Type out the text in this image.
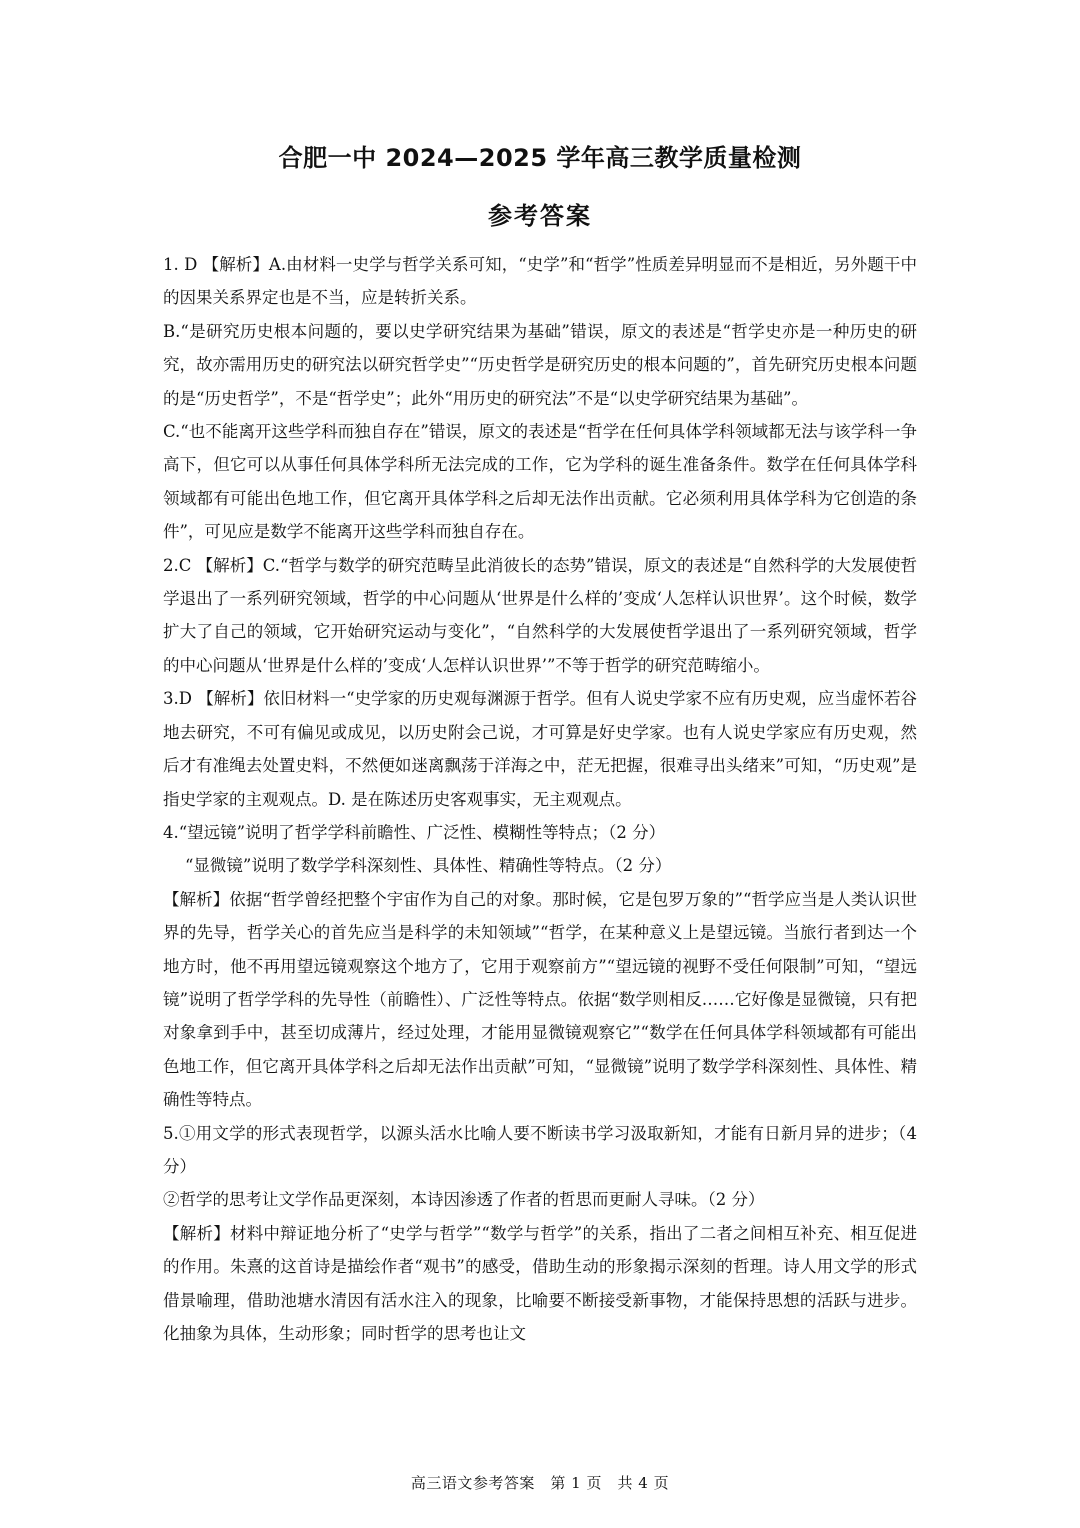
合肥一中 2024—2025 学年高三教学质量检测
参考答案

1. D 【解析】A.由材料一史学与哲学关系可知，“史学”和“哲学”性质差异明显而不是相近，另外题干中的因果关系界定也是不当，应是转折关系。

B.“是研究历史根本问题的，要以史学研究结果为基础”错误，原文的表述是“哲学史亦是一种历史的研究，故亦需用历史的研究法以研究哲学史”“历史哲学是研究历史的根本问题的”，首先研究历史根本问题的是“历史哲学”，不是“哲学史”；此外“用历史的研究法”不是“以史学研究结果为基础”。

C.“也不能离开这些学科而独自存在”错误，原文的表述是“哲学在任何具体学科领域都无法与该学科一争高下，但它可以从事任何具体学科所无法完成的工作，它为学科的诞生准备条件。数学在任何具体学科领域都有可能出色地工作，但它离开具体学科之后却无法作出贡献。它必须利用具体学科为它创造的条件”，可见应是数学不能离开这些学科而独自存在。

2.C 【解析】C.“哲学与数学的研究范畴呈此消彼长的态势”错误，原文的表述是“自然科学的大发展使哲学退出了一系列研究领域，哲学的中心问题从‘世界是什么样的’变成‘人怎样认识世界’。这个时候，数学扩大了自己的领域，它开始研究运动与变化”，“自然科学的大发展使哲学退出了一系列研究领域，哲学的中心问题从‘世界是什么样的’变成‘人怎样认识世界’”不等于哲学的研究范畴缩小。

3.D 【解析】依旧材料一“史学家的历史观每渊源于哲学。但有人说史学家不应有历史观，应当虚怀若谷地去研究，不可有偏见或成见，以历史附会己说，才可算是好史学家。也有人说史学家应有历史观，然后才有准绳去处置史料，不然便如迷离飘荡于洋海之中，茫无把握，很难寻出头绪来”可知，“历史观”是指史学家的主观观点。D. 是在陈述历史客观事实，无主观观点。

4.“望远镜”说明了哲学学科前瞻性、广泛性、模糊性等特点；（2 分）

“显微镜”说明了数学学科深刻性、具体性、精确性等特点。（2 分）

【解析】依据“哲学曾经把整个宇宙作为自己的对象。那时候，它是包罗万象的”“哲学应当是人类认识世界的先导，哲学关心的首先应当是科学的未知领域”“哲学，在某种意义上是望远镜。当旅行者到达一个地方时，他不再用望远镜观察这个地方了，它用于观察前方”“望远镜的视野不受任何限制”可知，“望远镜”说明了哲学学科的先导性（前瞻性）、广泛性等特点。依据“数学则相反……它好像是显微镜，只有把对象拿到手中，甚至切成薄片，经过处理，才能用显微镜观察它”“数学在任何具体学科领域都有可能出色地工作，但它离开具体学科之后却无法作出贡献”可知，“显微镜”说明了数学学科深刻性、具体性、精确性等特点。

5.①用文学的形式表现哲学，以源头活水比喻人要不断读书学习汲取新知，才能有日新月异的进步；（4 分）

②哲学的思考让文学作品更深刻，本诗因渗透了作者的哲思而更耐人寻味。（2 分）

【解析】材料中辩证地分析了“史学与哲学”“数学与哲学”的关系，指出了二者之间相互补充、相互促进的作用。朱熹的这首诗是描绘作者“观书”的感受，借助生动的形象揭示深刻的哲理。诗人用文学的形式借景喻理，借助池塘水清因有活水注入的现象，比喻要不断接受新事物，才能保持思想的活跃与进步。化抽象为具体，生动形象；同时哲学的思考也让文

高三语文参考答案　第 1 页　共 4 页
